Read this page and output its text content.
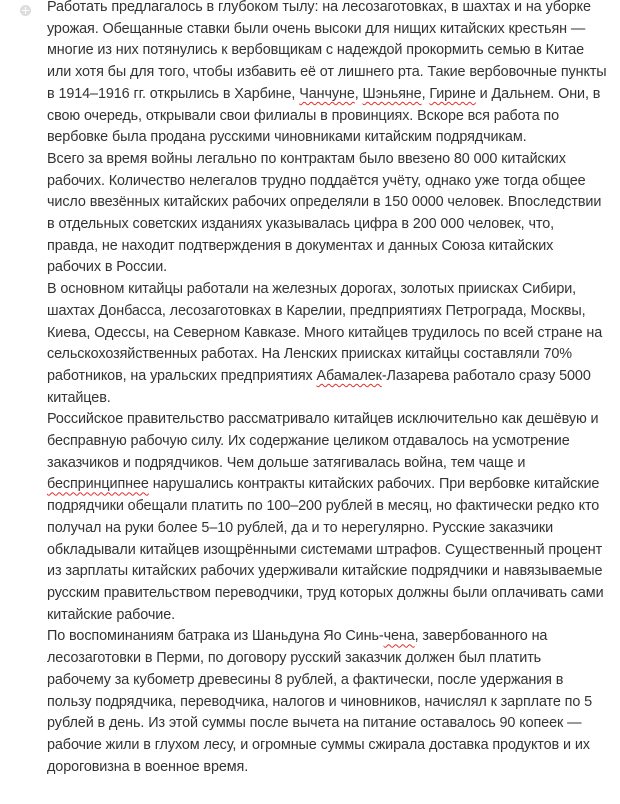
Работать предлагалось в глубоком тылу: на лесозаготовках, в шахтах и на уборке урожая. Обещанные ставки были очень высоки для нищих китайских крестьян — многие из них потянулись к вербовщикам с надеждой прокормить семью в Китае или хотя бы для того, чтобы избавить её от лишнего рта. Такие вербовочные пункты в 1914–1916 гг. открылись в Харбине, Чанчуне, Шэньяне, Гирине и Дальнем. Они, в свою очередь, открывали свои филиалы в провинциях. Вскоре вся работа по вербовке была продана русскими чиновниками китайским подрядчикам.

Всего за время войны легально по контрактам было ввезено 80 000 китайских рабочих. Количество нелегалов трудно поддаётся учёту, однако уже тогда общее число ввезённых китайских рабочих определяли в 150 0000 человек. Впоследствии в отдельных советских изданиях указывалась цифра в 200 000 человек, что, правда, не находит подтверждения в документах и данных Союза китайских рабочих в России.

В основном китайцы работали на железных дорогах, золотых приисках Сибири, шахтах Донбасса, лесозаготовках в Карелии, предприятиях Петрограда, Москвы, Киева, Одессы, на Северном Кавказе. Много китайцев трудилось по всей стране на сельскохозяйственных работах. На Ленских приисках китайцы составляли 70% работников, на уральских предприятиях Абамалек-Лазарева работало сразу 5000 китайцев.

Российское правительство рассматривало китайцев исключительно как дешёвую и бесправную рабочую силу. Их содержание целиком отдавалось на усмотрение заказчиков и подрядчиков. Чем дольше затягивалась война, тем чаще и беспринципнее нарушались контракты китайских рабочих. При вербовке китайские подрядчики обещали платить по 100–200 рублей в месяц, но фактически редко кто получал на руки более 5–10 рублей, да и то нерегулярно. Русские заказчики обкладывали китайцев изощрёнными системами штрафов. Существенный процент из зарплаты китайских рабочих удерживали китайские подрядчики и навязываемые русским правительством переводчики, труд которых должны были оплачивать сами китайские рабочие.

По воспоминаниям батрака из Шаньдуна Яо Синь-чена, завербованного на лесозаготовки в Перми, по договору русский заказчик должен был платить рабочему за кубометр древесины 8 рублей, а фактически, после удержания в пользу подрядчика, переводчика, налогов и чиновников, начислял к зарплате по 5 рублей в день. Из этой суммы после вычета на питание оставалось 90 копеек — рабочие жили в глухом лесу, и огромные суммы сжирала доставка продуктов и их дороговизна в военное время.
